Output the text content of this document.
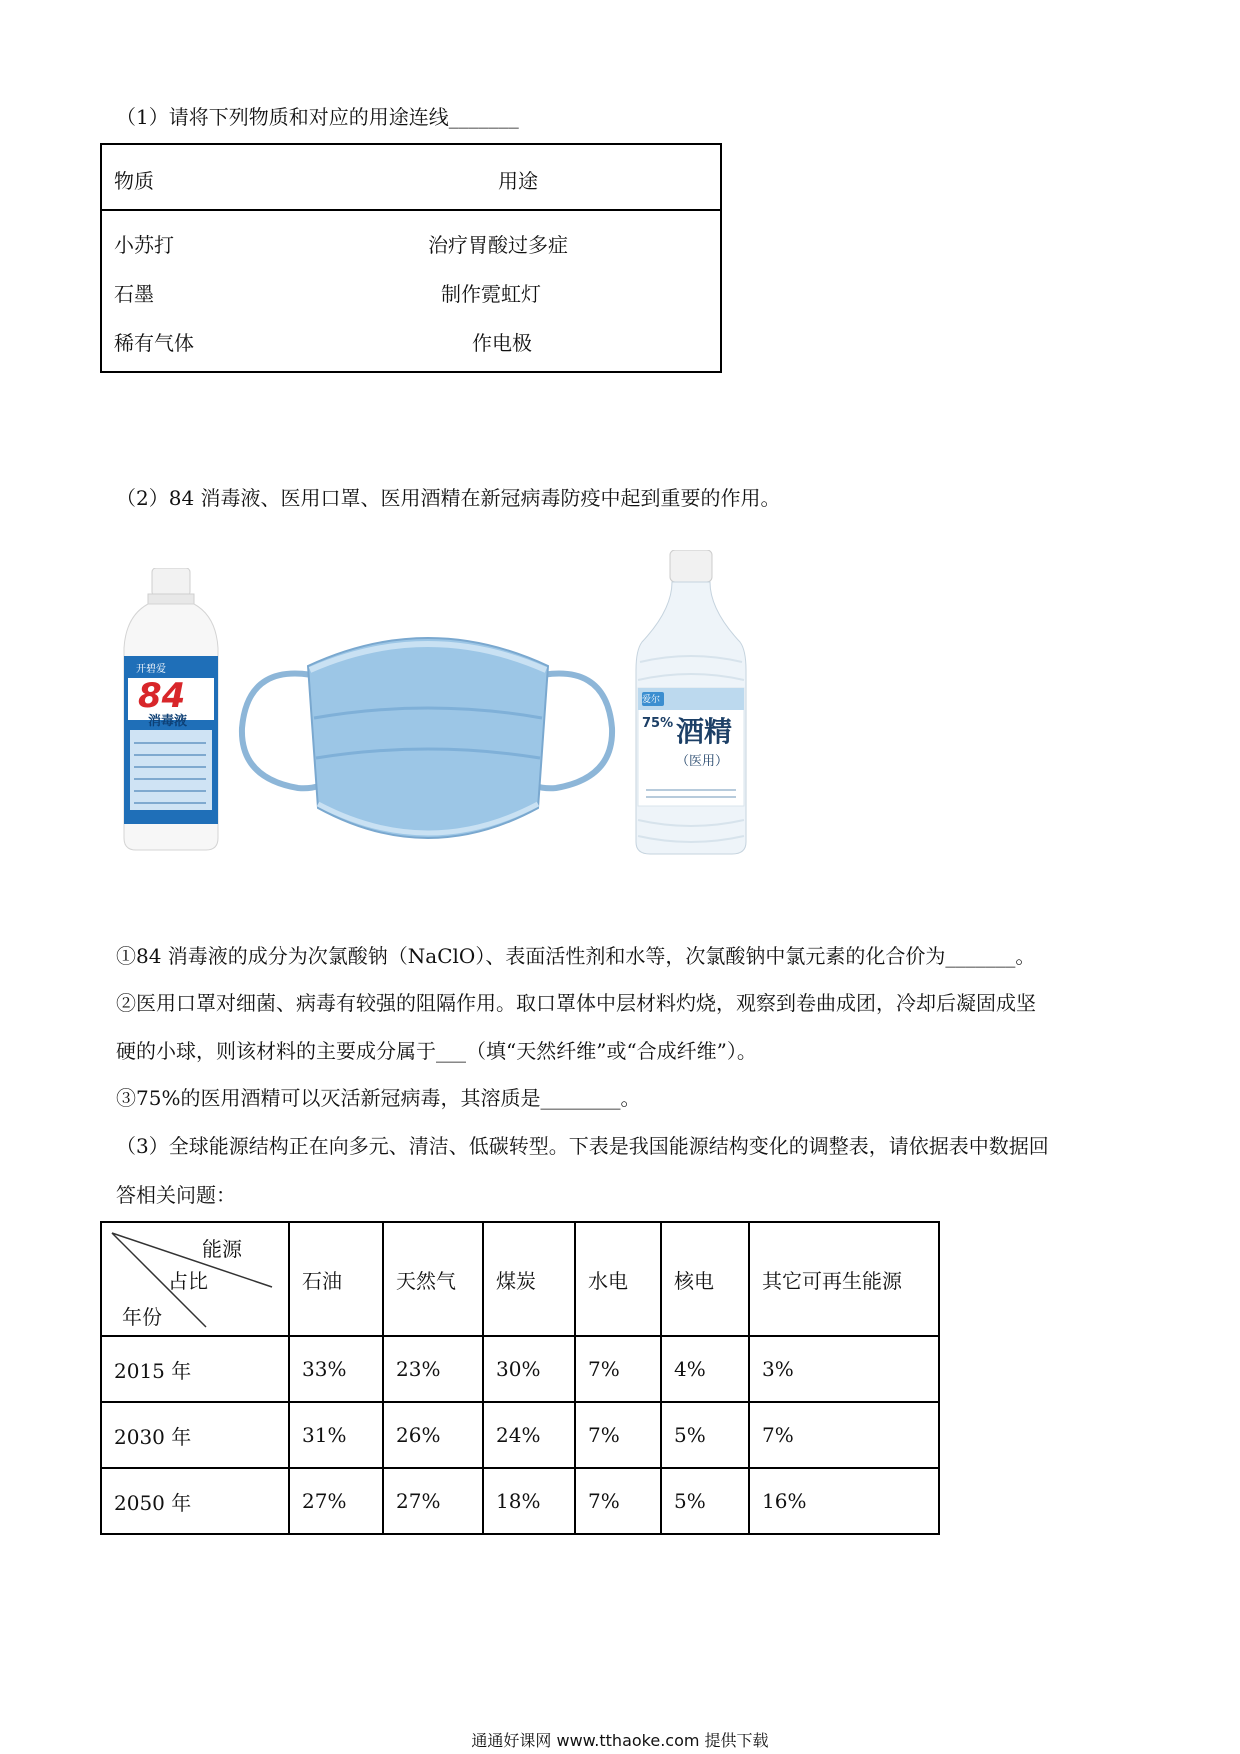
（1）请将下列物质和对应的用途连线_______
物质	用途
小苏打	治疗胃酸过多症
石墨	制作霓虹灯
稀有气体	作电极
（2）84 消毒液、医用口罩、医用酒精在新冠病毒防疫中起到重要的作用。
开碧爱
84
消毒液
爱尔
75% 酒精
（医用）
①84 消毒液的成分为次氯酸钠（NaClO）、表面活性剂和水等，次氯酸钠中氯元素的化合价为_______。
②医用口罩对细菌、病毒有较强的阻隔作用。取口罩体中层材料灼烧，观察到卷曲成团，冷却后凝固成坚
硬的小球，则该材料的主要成分属于___（填“天然纤维”或“合成纤维”）。
③75%的医用酒精可以灭活新冠病毒，其溶质是________。
（3）全球能源结构正在向多元、清洁、低碳转型。下表是我国能源结构变化的调整表，请依据表中数据回
答相关问题：
能源
占比
年份	石油	天然气	煤炭	水电	核电	其它可再生能源
2015 年	33%	23%	30%	7%	4%	3%
2030 年	31%	26%	24%	7%	5%	7%
2050 年	27%	27%	18%	7%	5%	16%
通通好课网 www.tthaoke.com 提供下载
